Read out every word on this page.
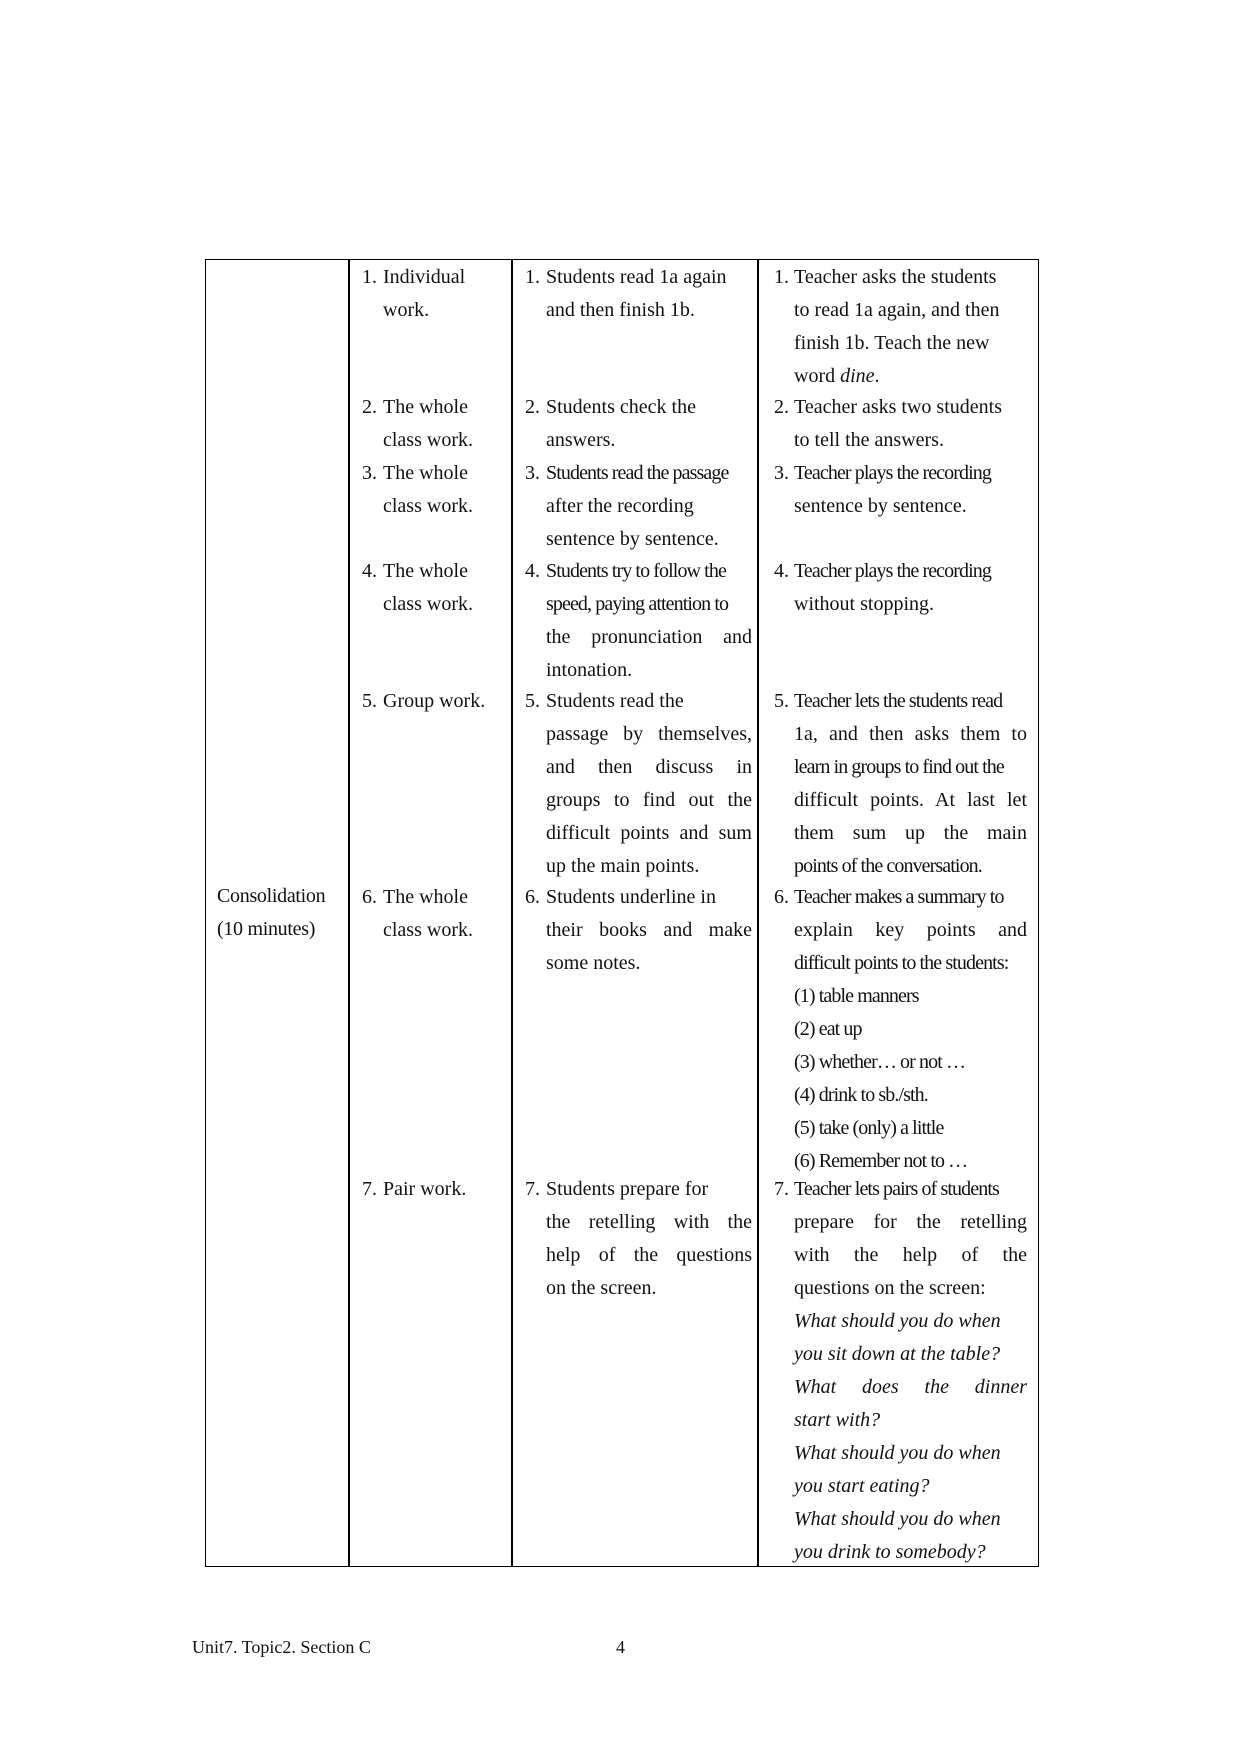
Consolidation
(10 minutes)
1. Individual
work.
2. The whole
class work.
3. The whole
class work.
4. The whole
class work.
5. Group work.
6. The whole
class work.
7. Pair work.
1. Students read 1a again
and then finish 1b.
2. Students check the
answers.
3. Students read the passage
after the recording
sentence by sentence.
4. Students try to follow the
speed, paying attention to
the pronunciation and
intonation.
5. Students read the
passage by themselves,
and then discuss in
groups to find out the
difficult points and sum
up the main points.
6. Students underline in
their books and make
some notes.
7. Students prepare for
the retelling with the
help of the questions
on the screen.
1. Teacher asks the students
to read 1a again, and then
finish 1b. Teach the new
word dine.
2. Teacher asks two students
to tell the answers.
3. Teacher plays the recording
sentence by sentence.
4. Teacher plays the recording
without stopping.
5. Teacher lets the students read
1a, and then asks them to
learn in groups to find out the
difficult points. At last let
them sum up the main
points of the conversation.
6. Teacher makes a summary to
explain key points and
difficult points to the students:
(1) table manners
(2) eat up
(3) whether… or not …
(4) drink to sb./sth.
(5) take (only) a little
(6) Remember not to …
7. Teacher lets pairs of students
prepare for the retelling
with the help of the
questions on the screen:
What should you do when
you sit down at the table?
What does the dinner
start with?
What should you do when
you start eating?
What should you do when
you drink to somebody?
Unit7. Topic2. Section C	4
